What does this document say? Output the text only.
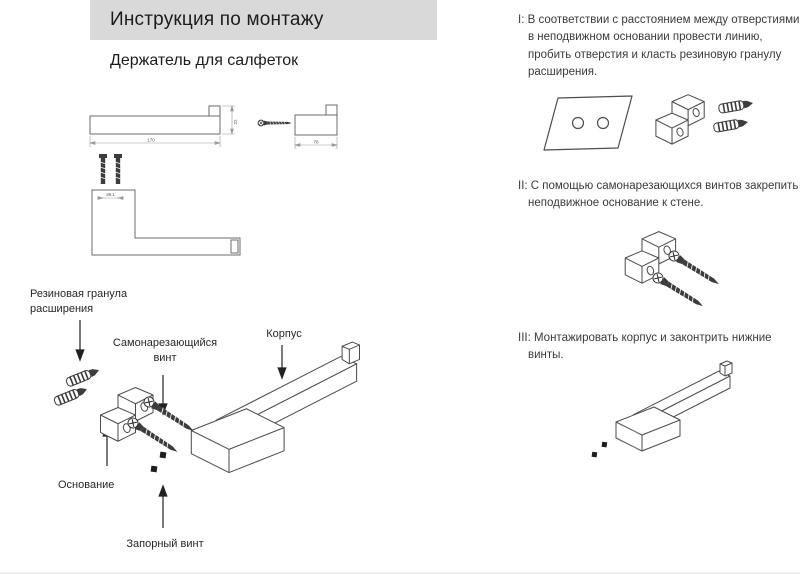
Инструкция по монтажу
Держатель для салфеток
170
22
78
38.1
Резиновая гранула расширения
Самонарезающийся винт
Корпус
Основание
Запорный винт
I: В соответствии с расстоянием между отверстиями в неподвижном основании провести линию, пробить отверстия и класть резиновую гранулу расширения.
II: С помощью самонарезающихся винтов закрепить неподвижное основание к стене.
III: Монтажировать корпус и законтрить нижние винты.
